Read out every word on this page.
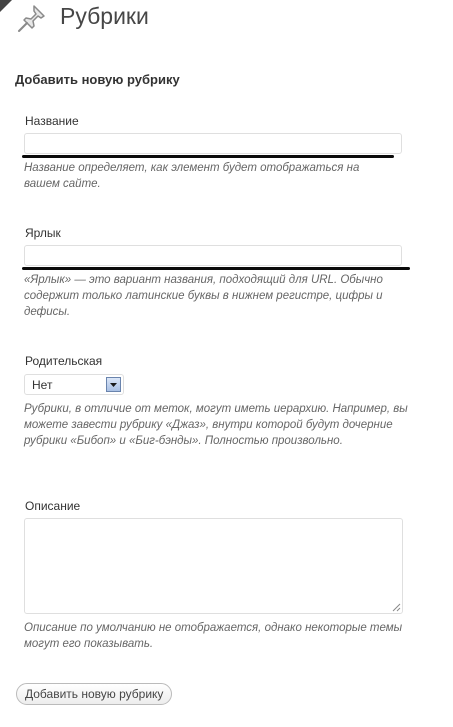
Рубрики
Добавить новую рубрику
Название
Название определяет, как элемент будет отображаться на вашем сайте.
Ярлык
«Ярлык» — это вариант названия, подходящий для URL. Обычно содержит только латинские буквы в нижнем регистре, цифры и дефисы.
Родительская
Нет
Рубрики, в отличие от меток, могут иметь иерархию. Например, вы можете завести рубрику «Джаз», внутри которой будут дочерние рубрики «Бибоп» и «Биг-бэнды». Полностью произвольно.
Описание
Описание по умолчанию не отображается, однако некоторые темы могут его показывать.
Добавить новую рубрику
